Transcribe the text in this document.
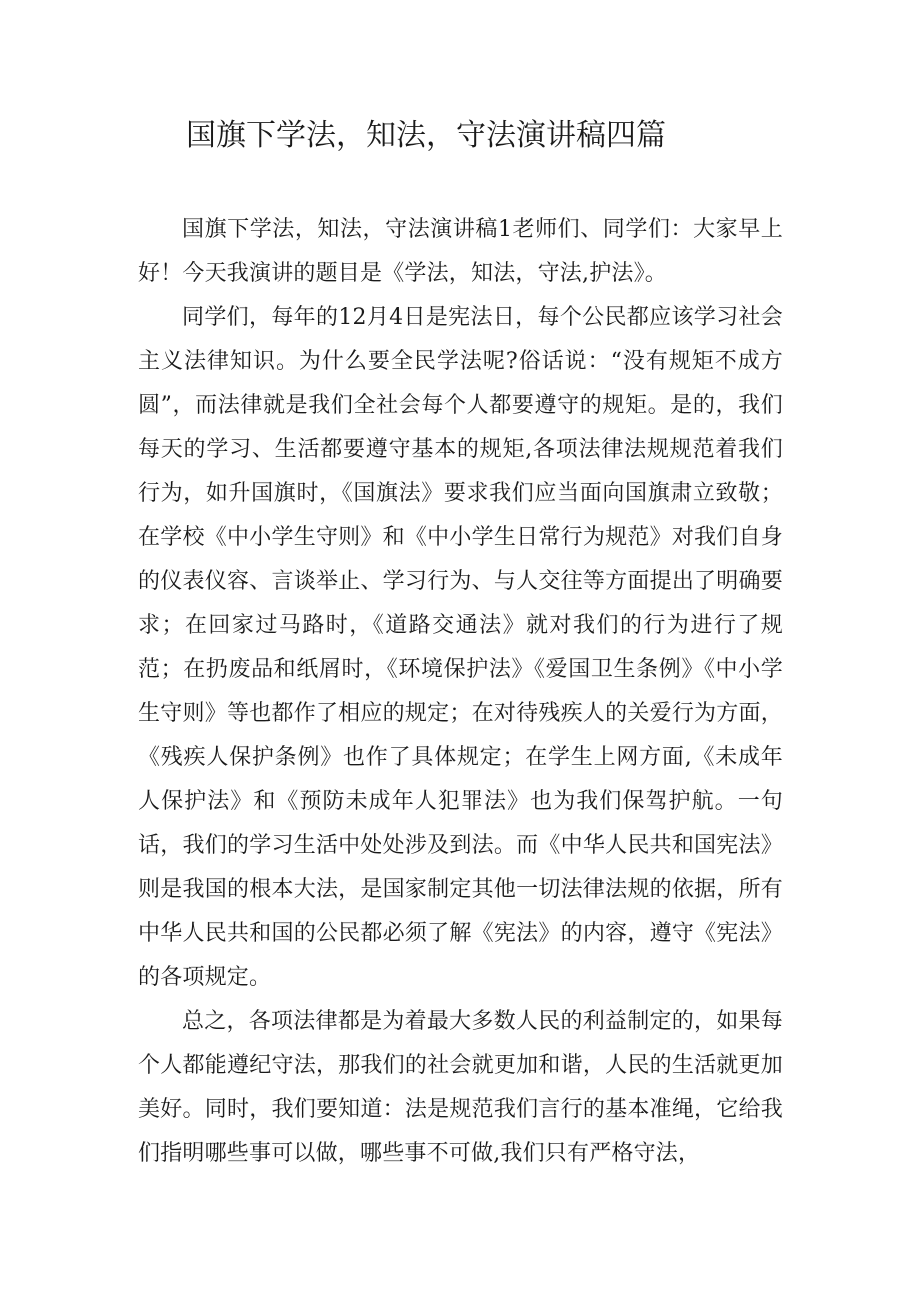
国旗下学法，知法，守法演讲稿四篇

国旗下学法，知法，守法演讲稿1老师们、同学们：大家早上好！今天我演讲的题目是《学法，知法，守法,护法》。

同学们，每年的12月4日是宪法日，每个公民都应该学习社会主义法律知识。为什么要全民学法呢?俗话说：“没有规矩不成方圆”，而法律就是我们全社会每个人都要遵守的规矩。是的，我们每天的学习、生活都要遵守基本的规矩,各项法律法规规范着我们行为，如升国旗时，《国旗法》要求我们应当面向国旗肃立致敬；在学校《中小学生守则》和《中小学生日常行为规范》对我们自身的仪表仪容、言谈举止、学习行为、与人交往等方面提出了明确要求；在回家过马路时，《道路交通法》就对我们的行为进行了规范；在扔废品和纸屑时，《环境保护法》《爱国卫生条例》《中小学生守则》等也都作了相应的规定；在对待残疾人的关爱行为方面，《残疾人保护条例》也作了具体规定；在学生上网方面,《未成年人保护法》和《预防未成年人犯罪法》也为我们保驾护航。一句话，我们的学习生活中处处涉及到法。而《中华人民共和国宪法》则是我国的根本大法，是国家制定其他一切法律法规的依据，所有中华人民共和国的公民都必须了解《宪法》的内容，遵守《宪法》的各项规定。

总之，各项法律都是为着最大多数人民的利益制定的，如果每个人都能遵纪守法，那我们的社会就更加和谐，人民的生活就更加美好。同时，我们要知道：法是规范我们言行的基本准绳，它给我们指明哪些事可以做，哪些事不可做,我们只有严格守法，
